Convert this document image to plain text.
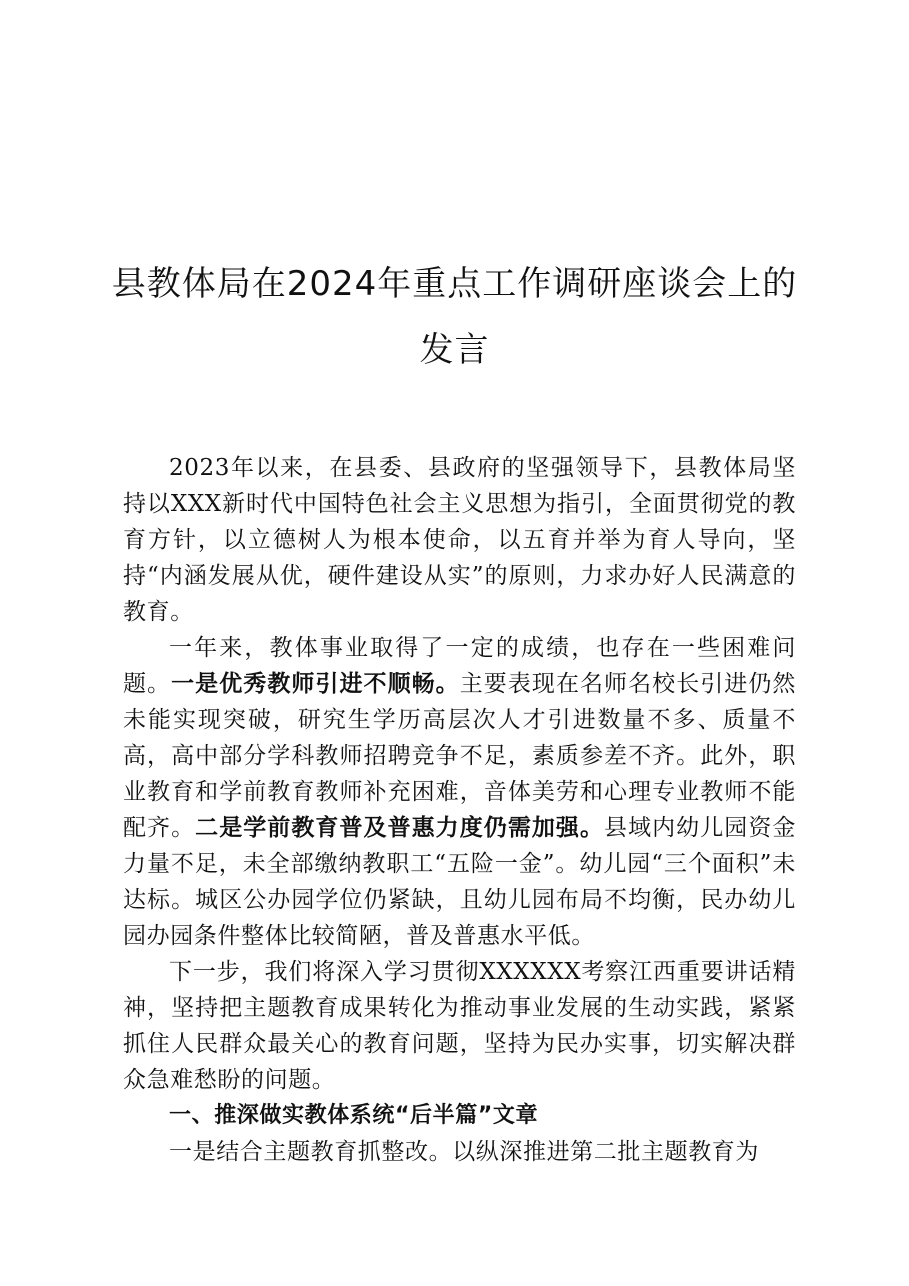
县教体局在2024年重点工作调研座谈会上的
发言

2023年以来，在县委、县政府的坚强领导下，县教体局坚持以XXX新时代中国特色社会主义思想为指引，全面贯彻党的教育方针，以立德树人为根本使命，以五育并举为育人导向，坚持“内涵发展从优，硬件建设从实”的原则，力求办好人民满意的教育。

一年来，教体事业取得了一定的成绩，也存在一些困难问题。一是优秀教师引进不顺畅。主要表现在名师名校长引进仍然未能实现突破，研究生学历高层次人才引进数量不多、质量不高，高中部分学科教师招聘竞争不足，素质参差不齐。此外，职业教育和学前教育教师补充困难，音体美劳和心理专业教师不能配齐。二是学前教育普及普惠力度仍需加强。县域内幼儿园资金力量不足，未全部缴纳教职工“五险一金”。幼儿园“三个面积”未达标。城区公办园学位仍紧缺，且幼儿园布局不均衡，民办幼儿园办园条件整体比较简陋，普及普惠水平低。

下一步，我们将深入学习贯彻XXXXXX考察江西重要讲话精神，坚持把主题教育成果转化为推动事业发展的生动实践，紧紧抓住人民群众最关心的教育问题，坚持为民办实事，切实解决群众急难愁盼的问题。

一、推深做实教体系统“后半篇”文章

一是结合主题教育抓整改。以纵深推进第二批主题教育为
